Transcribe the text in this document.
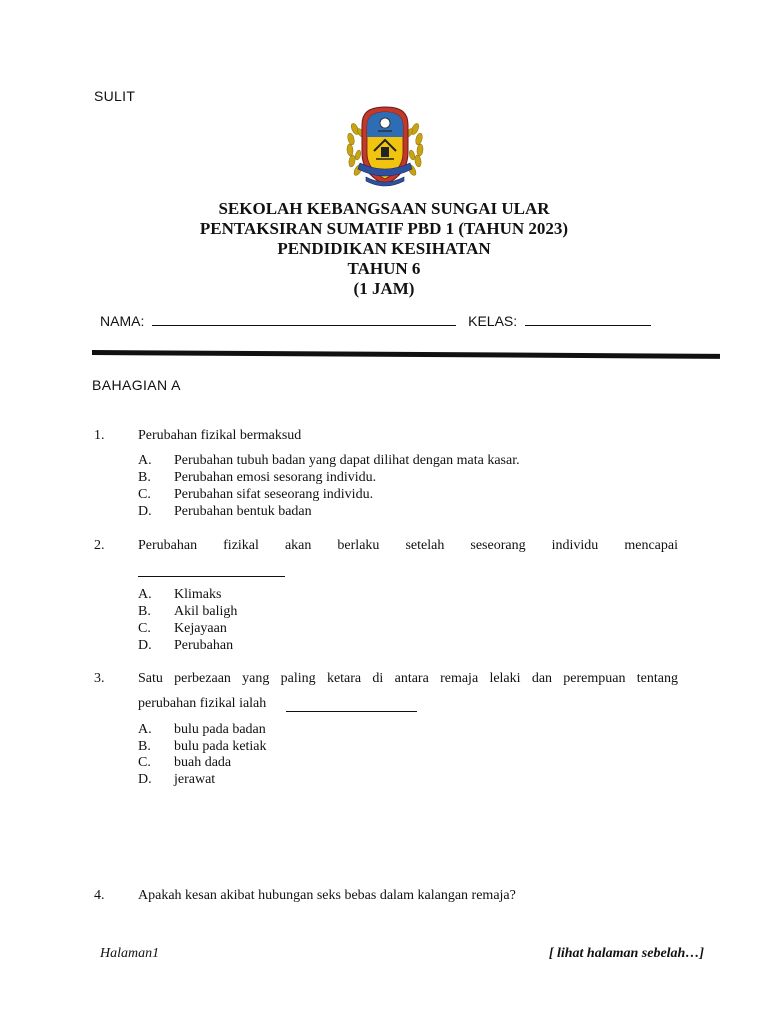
SULIT
SEKOLAH KEBANGSAAN SUNGAI ULAR
PENTAKSIRAN SUMATIF PBD 1 (TAHUN 2023)
PENDIDIKAN KESIHATAN
TAHUN 6
(1 JAM)
NAMA:	KELAS:
BAHAGIAN A
1. Perubahan fizikal bermaksud
A. Perubahan tubuh badan yang dapat dilihat dengan mata kasar.
B. Perubahan emosi sesorang individu.
C. Perubahan sifat seseorang individu.
D. Perubahan bentuk badan
2. Perubahan fizikal akan berlaku setelah seseorang individu mencapai
A. Klimaks
B. Akil baligh
C. Kejayaan
D. Perubahan
3. Satu perbezaan yang paling ketara di antara remaja lelaki dan perempuan tentang
perubahan fizikal ialah
A. bulu pada badan
B. bulu pada ketiak
C. buah dada
D. jerawat
4. Apakah kesan akibat hubungan seks bebas dalam kalangan remaja?
Halaman1	[ lihat halaman sebelah…]
